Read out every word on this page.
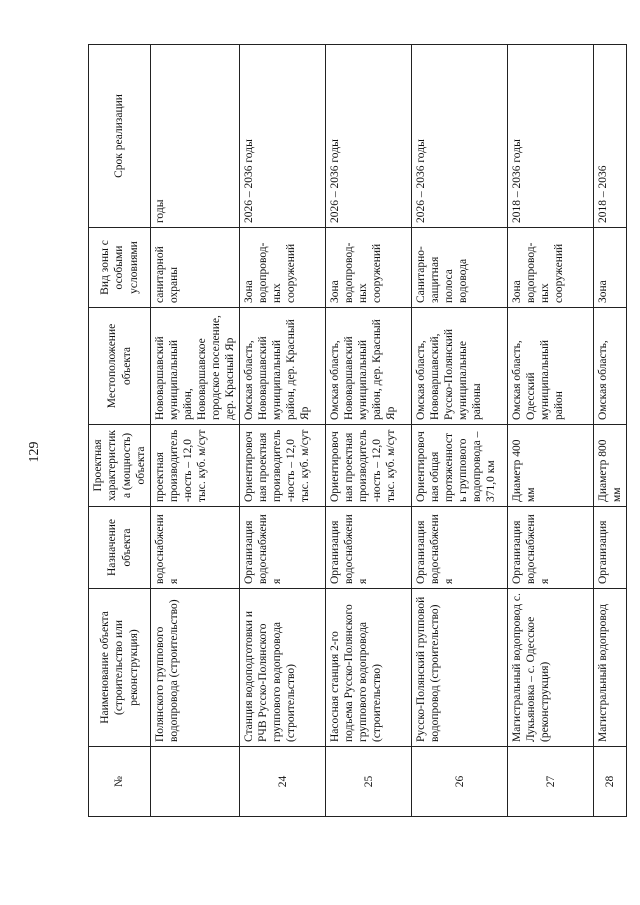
129
№	Наименование объекта (строительство или реконструкция)	Назначение объекта	Проектная характеристика (мощность) объекта	Местоположение объекта	Вид зоны с особыми условиями	Срок реализации
	Полянского группового водопровода (строительство)	водоснабжения	проектная производитель-ность – 12,0 тыс. куб. м/сут	Нововаршавский муниципальный район, Нововаршавское городское поселение, дер. Красный Яр	санитарной охраны	годы
24	Станция водоподготовки и РЧВ Русско-Полянского группового водопровода (строительство)	Организация водоснабжения	Ориентировочная проектная производитель-ность – 12,0 тыс. куб. м/сут	Омская область, Нововаршавский муниципальный район, дер. Красный Яр	Зона водопровод-ных сооружений	2026 – 2036 годы
25	Насосная станция 2-го подъема Русско-Полянского группового водопровода (строительство)	Организация водоснабжения	Ориентировочная проектная производитель-ность – 12,0 тыс. куб. м/сут	Омская область, Нововаршавский муниципальный район, дер. Красный Яр	Зона водопровод-ных сооружений	2026 – 2036 годы
26	Русско-Полянский групповой водопровод (строительство)	Организация водоснабжения	Ориентировочная общая протяженность группового водопровода – 371,0 км	Омская область, Нововаршавский, Русско-Полянский муниципальные районы	Санитарно-защитная полоса водовода	2026 – 2036 годы
27	Магистральный водопровод с. Лукьяновка – с. Одесское (реконструкция)	Организация водоснабжения	Диаметр 400 мм	Омская область, Одесский муниципальный район	Зона водопровод-ных сооружений	2018 – 2036 годы
28	Магистральный водопровод	Организация	Диаметр 800 мм	Омская область,	Зона	2018 – 2036
